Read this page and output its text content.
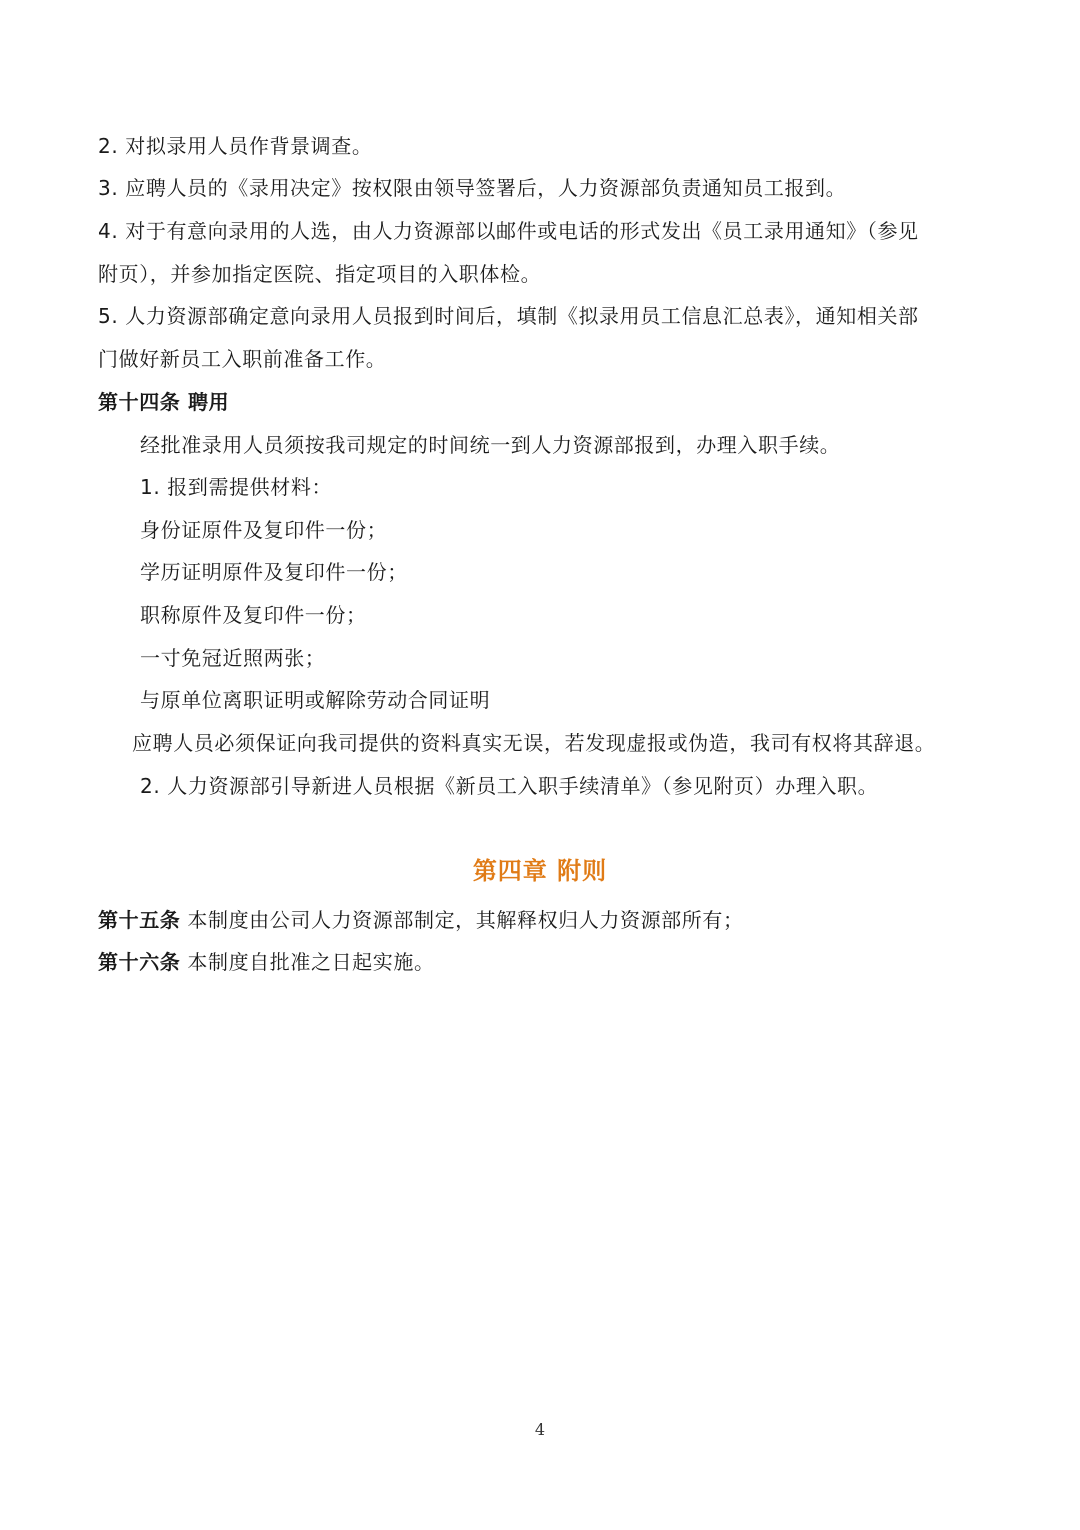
2. 对拟录用人员作背景调查。
3. 应聘人员的《录用决定》按权限由领导签署后，人力资源部负责通知员工报到。
4. 对于有意向录用的人选，由人力资源部以邮件或电话的形式发出《员工录用通知》（参见
附页），并参加指定医院、指定项目的入职体检。
5. 人力资源部确定意向录用人员报到时间后，填制《拟录用员工信息汇总表》，通知相关部
门做好新员工入职前准备工作。
第十四条 聘用
经批准录用人员须按我司规定的时间统一到人力资源部报到，办理入职手续。
1. 报到需提供材料：
身份证原件及复印件一份；
学历证明原件及复印件一份；
职称原件及复印件一份；
一寸免冠近照两张；
与原单位离职证明或解除劳动合同证明
应聘人员必须保证向我司提供的资料真实无误，若发现虚报或伪造，我司有权将其辞退。
2. 人力资源部引导新进人员根据《新员工入职手续清单》（参见附页）办理入职。
第四章 附则
第十五条 本制度由公司人力资源部制定，其解释权归人力资源部所有；
第十六条 本制度自批准之日起实施。
4
